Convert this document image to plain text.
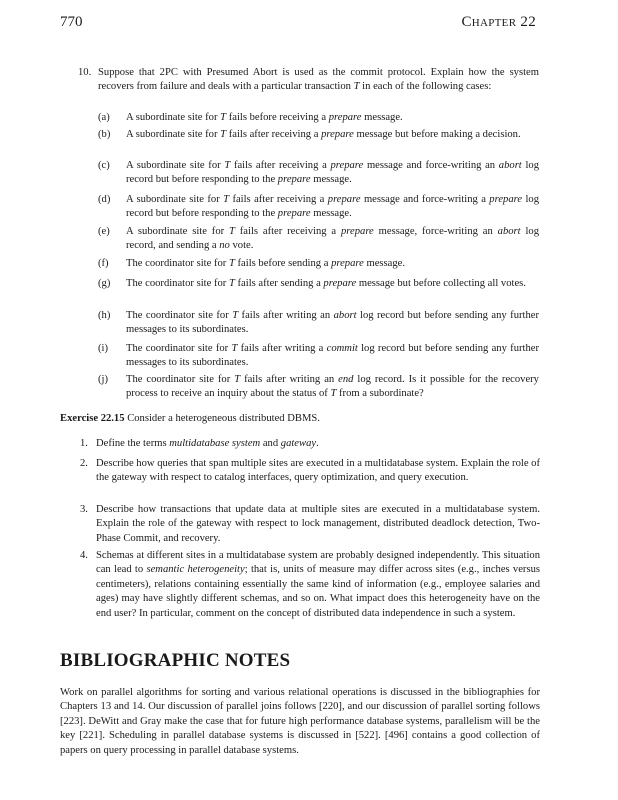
770	Chapter 22
10. Suppose that 2PC with Presumed Abort is used as the commit protocol. Explain how the system recovers from failure and deals with a particular transaction T in each of the following cases:
(a)	A subordinate site for T fails before receiving a prepare message.
(b)	A subordinate site for T fails after receiving a prepare message but before making a decision.
(c)	A subordinate site for T fails after receiving a prepare message and force-writing an abort log record but before responding to the prepare message.
(d)	A subordinate site for T fails after receiving a prepare message and force-writing a prepare log record but before responding to the prepare message.
(e)	A subordinate site for T fails after receiving a prepare message, force-writing an abort log record, and sending a no vote.
(f)	The coordinator site for T fails before sending a prepare message.
(g)	The coordinator site for T fails after sending a prepare message but before collecting all votes.
(h)	The coordinator site for T fails after writing an abort log record but before sending any further messages to its subordinates.
(i)	The coordinator site for T fails after writing a commit log record but before sending any further messages to its subordinates.
(j)	The coordinator site for T fails after writing an end log record. Is it possible for the recovery process to receive an inquiry about the status of T from a subordinate?
Exercise 22.15 Consider a heterogeneous distributed DBMS.
1. Define the terms multidatabase system and gateway.
2. Describe how queries that span multiple sites are executed in a multidatabase system. Explain the role of the gateway with respect to catalog interfaces, query optimization, and query execution.
3. Describe how transactions that update data at multiple sites are executed in a multidatabase system. Explain the role of the gateway with respect to lock management, distributed deadlock detection, Two-Phase Commit, and recovery.
4. Schemas at different sites in a multidatabase system are probably designed independently. This situation can lead to semantic heterogeneity; that is, units of measure may differ across sites (e.g., inches versus centimeters), relations containing essentially the same kind of information (e.g., employee salaries and ages) may have slightly different schemas, and so on. What impact does this heterogeneity have on the end user? In particular, comment on the concept of distributed data independence in such a system.
Work on parallel algorithms for sorting and various relational operations is discussed in the bibliographies for Chapters 13 and 14. Our discussion of parallel joins follows [220], and our discussion of parallel sorting follows [223]. DeWitt and Gray make the case that for future high performance database systems, parallelism will be the key [221]. Scheduling in parallel database systems is discussed in [522]. [496] contains a good collection of papers on query processing in parallel database systems.
BIBLIOGRAPHIC NOTES
